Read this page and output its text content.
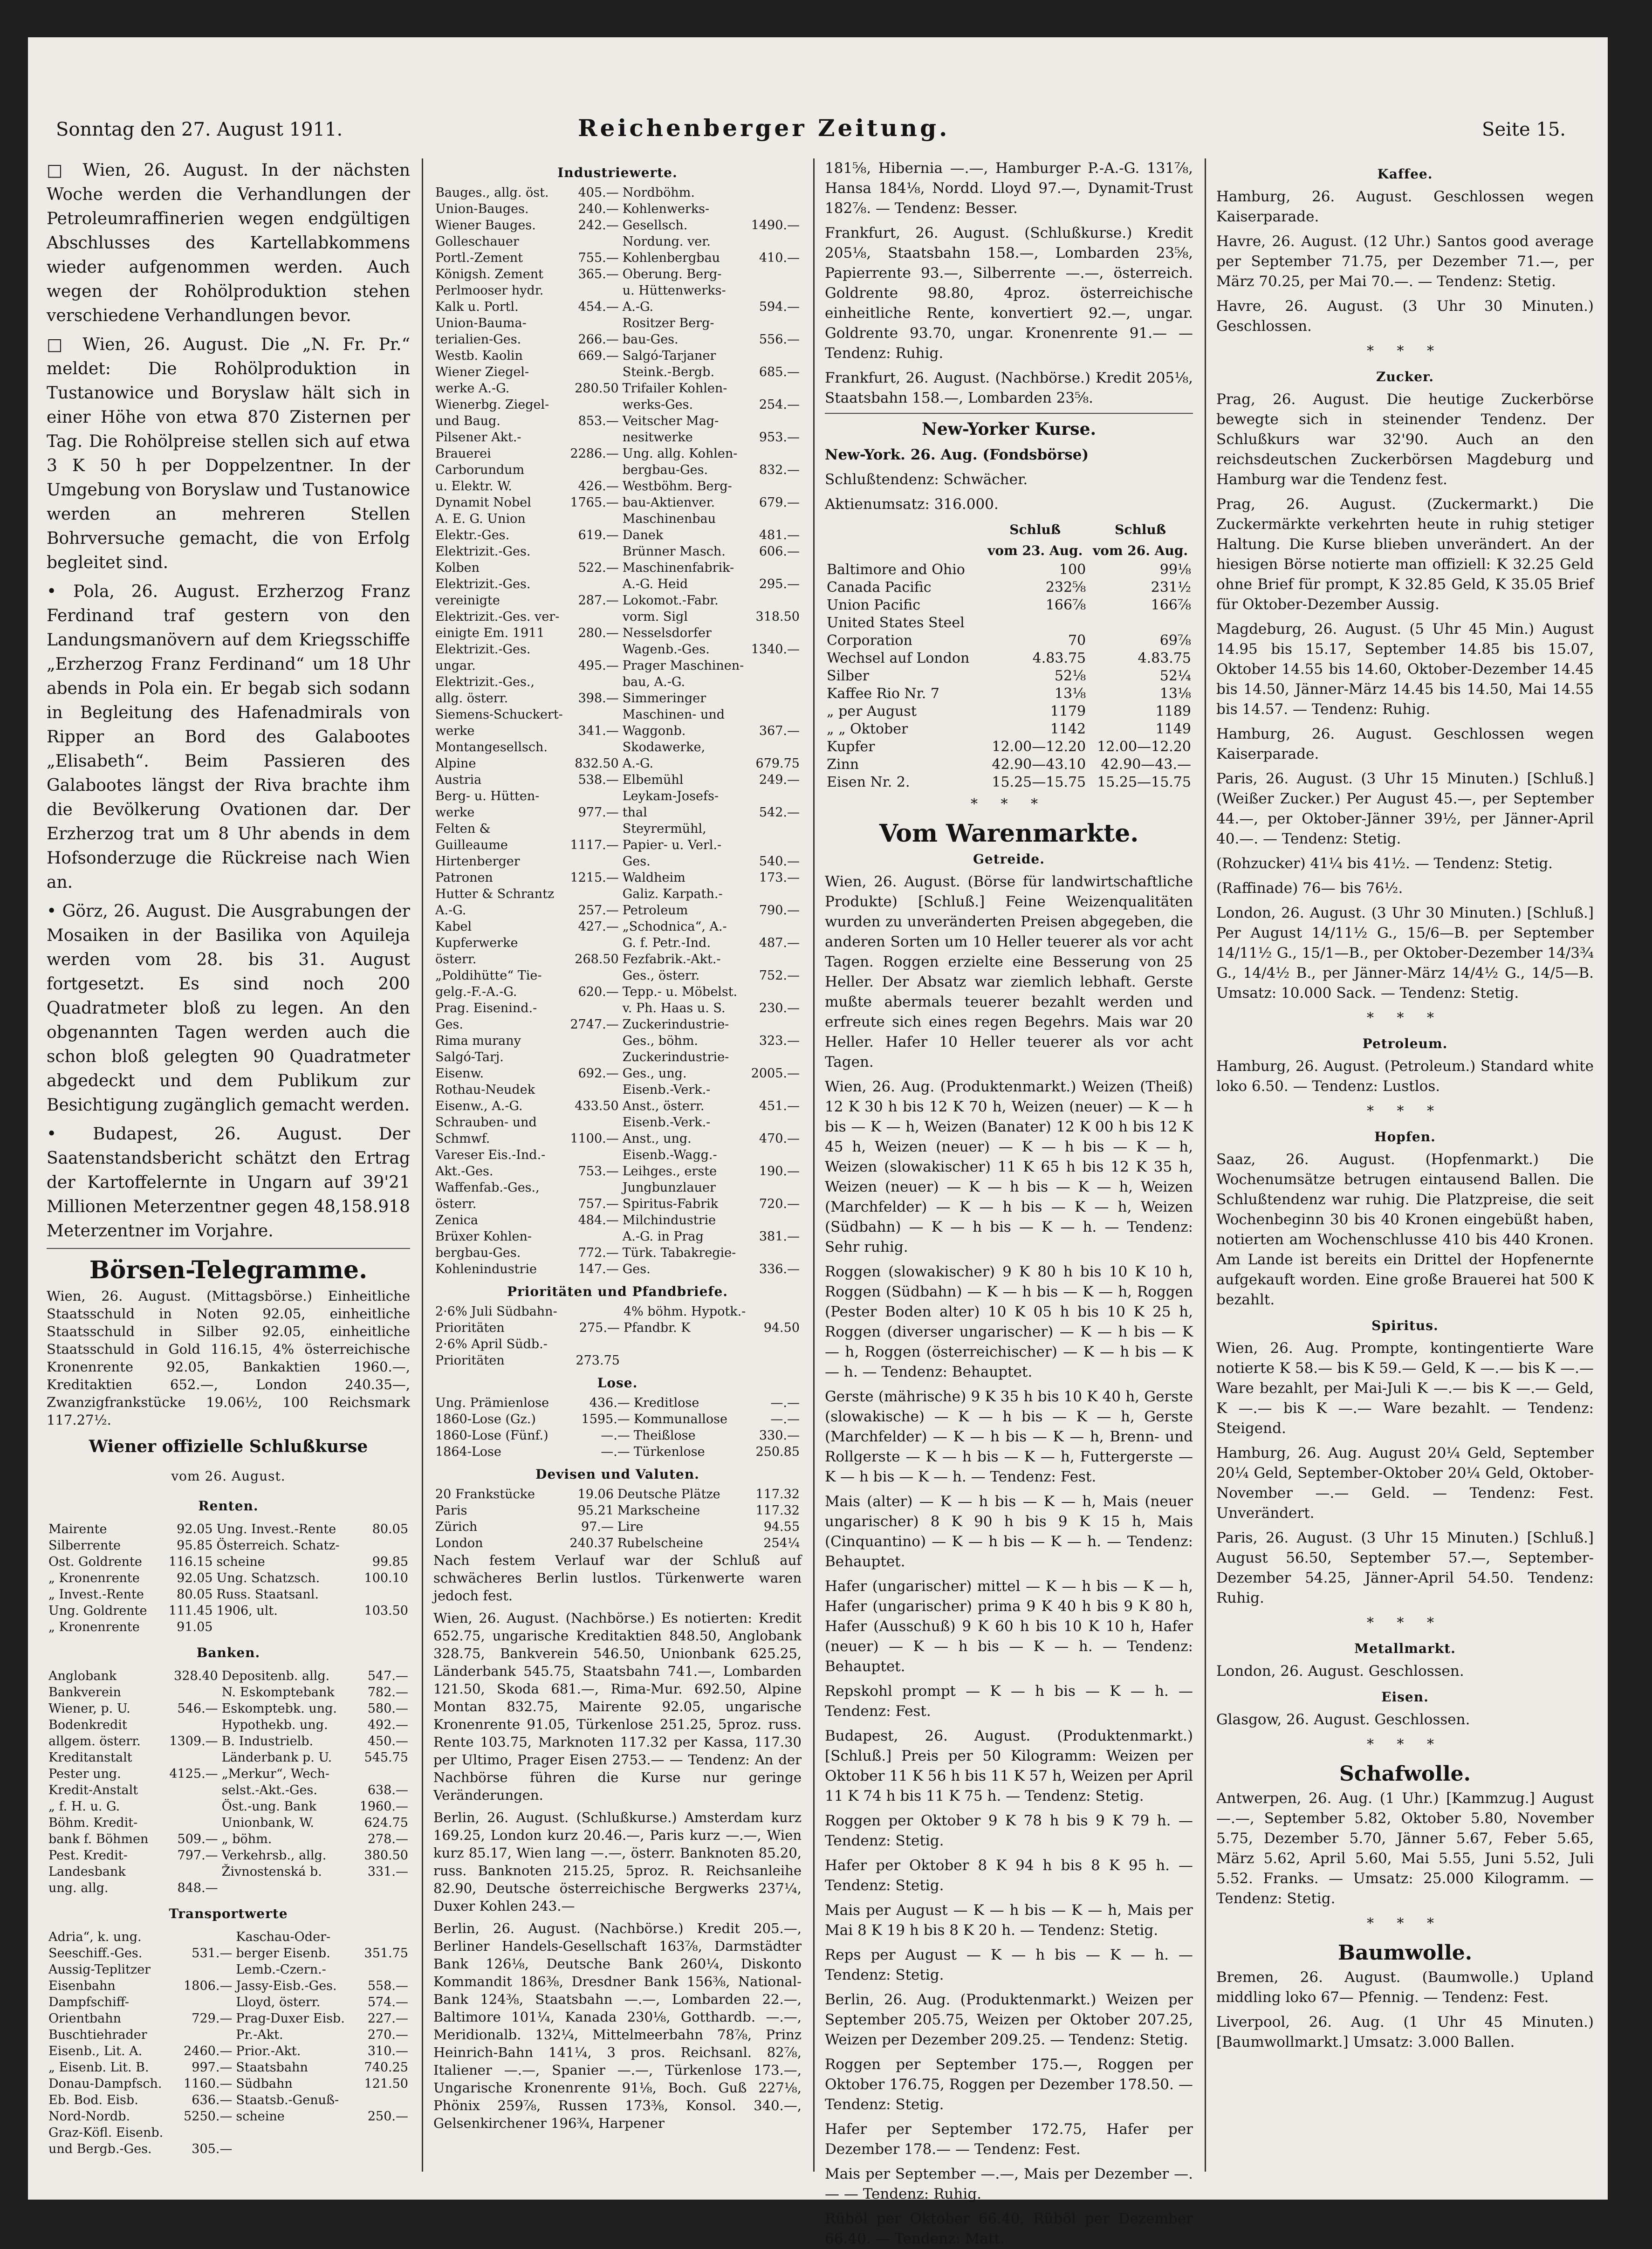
Sonntag den 27. August 1911.	Reichenberger Zeitung.	Seite 15.

□ Wien, 26. August. In der nächsten Woche werden die Verhandlungen der Petroleumraffinerien wegen endgültigen Abschlusses des Kartellabkommens wieder aufgenommen werden. Auch wegen der Rohölproduktion stehen verschiedene Verhandlungen bevor.

□ Wien, 26. August. Die „N. Fr. Pr.“ meldet: Die Rohölproduktion in Tustanowice und Boryslaw hält sich in einer Höhe von etwa 870 Zisternen per Tag. Die Rohölpreise stellen sich auf etwa 3 K 50 h per Doppelzentner. In der Umgebung von Boryslaw und Tustanowice werden an mehreren Stellen Bohrversuche gemacht, die von Erfolg begleitet sind.

• Pola, 26. August. Erzherzog Franz Ferdinand traf gestern von den Landungsmanövern auf dem Kriegsschiffe „Erzherzog Franz Ferdinand“ um 18 Uhr abends in Pola ein. Er begab sich sodann in Begleitung des Hafenadmirals von Ripper an Bord des Galabootes „Elisabeth“. Beim Passieren des Galabootes längst der Riva brachte ihm die Bevölkerung Ovationen dar. Der Erzherzog trat um 8 Uhr abends in dem Hofsonderzuge die Rückreise nach Wien an.

• Görz, 26. August. Die Ausgrabungen der Mosaiken in der Basilika von Aquileja werden vom 28. bis 31. August fortgesetzt. Es sind noch 200 Quadratmeter bloß zu legen. An den obgenannten Tagen werden auch die schon bloß gelegten 90 Quadratmeter abgedeckt und dem Publikum zur Besichtigung zugänglich gemacht werden.

• Budapest, 26. August. Der Saatenstandsbericht schätzt den Ertrag der Kartoffelernte in Ungarn auf 39'21 Millionen Meterzentner gegen 48,158.918 Meterzentner im Vorjahre.

Börsen-Telegramme.

Wien, 26. August. (Mittagsbörse.) Einheitliche Staatsschuld in Noten 92.05, einheitliche Staatsschuld in Silber 92.05, einheitliche Staatsschuld in Gold 116.15, 4% österreichische Kronenrente 92.05, Bankaktien 1960.—, Kreditaktien 652.—, London 240.35—, Zwanzigfrankstücke 19.06½, 100 Reichsmark 117.27½.

Wiener offizielle Schlußkurse
vom 26. August.
Renten.
Mairente	92.05	Ung. Invest.-Rente	80.05
Silberrente	95.85	Österreich. Schatz-	
Ost. Goldrente	116.15	scheine	99.85
„ Kronenrente	92.05	Ung. Schatzsch.	100.10
„ Invest.-Rente	80.05	Russ. Staatsanl.	
Ung. Goldrente	111.45	1906, ult.	103.50
„ Kronenrente	91.05		
Banken.
Anglobank	328.40	Depositenb. allg.	547.—
Bankverein		N. Eskomptebank	782.—
Wiener, p. U.	546.—	Eskomptebk. ung.	580.—
Bodenkredit		Hypothekb. ung.	492.—
allgem. österr.	1309.—	B. Industrielb.	450.—
Kreditanstalt		Länderbank p. U.	545.75
Pester ung.	4125.—	„Merkur“, Wech-	
Kredit-Anstalt		selst.-Akt.-Ges.	638.—
„ f. H. u. G.		Öst.-ung. Bank	1960.—
Böhm. Kredit-		Unionbank, W.	624.75
bank f. Böhmen	509.—	„ böhm.	278.—
Pest. Kredit-	797.—	Verkehrsb., allg.	380.50
Landesbank		Živnostenská b.	331.—
ung. allg.	848.—		
Transportwerte
Adria“, k. ung.		Kaschau-Oder-	
Seeschiff.-Ges.	531.—	berger Eisenb.	351.75
Aussig-Teplitzer		Lemb.-Czern.-	
Eisenbahn	1806.—	Jassy-Eisb.-Ges.	558.—
Dampfschiff-		Lloyd, österr.	574.—
Orientbahn	729.—	Prag-Duxer Eisb.	227.—
Buschtiehrader		Pr.-Akt.	270.—
Eisenb., Lit. A.	2460.—	Prior.-Akt.	310.—
„ Eisenb. Lit. B.	997.—	Staatsbahn	740.25
Donau-Dampfsch.	1160.—	Südbahn	121.50
Eb. Bod. Eisb.	636.—	Staatsb.-Genuß-	
Nord-Nordb.	5250.—	scheine	250.—
Graz-Köfl. Eisenb.			
und Bergb.-Ges.	305.—		
Industriewerte.
Bauges., allg. öst.	405.—	Nordböhm.	
Union-Bauges.	240.—	Kohlenwerks-	
Wiener Bauges.	242.—	Gesellsch.	1490.—
Golleschauer		Nordung. ver.	
Portl.-Zement	755.—	Kohlenbergbau	410.—
Königsh. Zement	365.—	Oberung. Berg-	
Perlmooser hydr.		u. Hüttenwerks-	
Kalk u. Portl.	454.—	A.-G.	594.—
Union-Bauma-		Rositzer Berg-	
terialien-Ges.	266.—	bau-Ges.	556.—
Westb. Kaolin	669.—	Salgó-Tarjaner	
Wiener Ziegel-		Steink.-Bergb.	685.—
werke A.-G.	280.50	Trifailer Kohlen-	
Wienerbg. Ziegel-		werks-Ges.	254.—
und Baug.	853.—	Veitscher Mag-	
Pilsener Akt.-		nesitwerke	953.—
Brauerei	2286.—	Ung. allg. Kohlen-	
Carborundum		bergbau-Ges.	832.—
u. Elektr. W.	426.—	Westböhm. Berg-	
Dynamit Nobel	1765.—	bau-Aktienver.	679.—
A. E. G. Union		Maschinenbau	
Elektr.-Ges.	619.—	Danek	481.—
Elektrizit.-Ges.		Brünner Masch.	606.—
Kolben	522.—	Maschinenfabrik-	
Elektrizit.-Ges.		A.-G. Heid	295.—
vereinigte	287.—	Lokomot.-Fabr.	
Elektrizit.-Ges. ver-		vorm. Sigl	318.50
einigte Em. 1911	280.—	Nesselsdorfer	
Elektrizit.-Ges.		Wagenb.-Ges.	1340.—
ungar.	495.—	Prager Maschinen-	
Elektrizit.-Ges.,		bau, A.-G.	
allg. österr.	398.—	Simmeringer	
Siemens-Schuckert-		Maschinen- und	
werke	341.—	Waggonb.	367.—
Montangesellsch.		Skodawerke,	
Alpine	832.50	A.-G.	679.75
Austria	538.—	Elbemühl	249.—
Berg- u. Hütten-		Leykam-Josefs-	
werke	977.—	thal	542.—
Felten &		Steyrermühl,	
Guilleaume	1117.—	Papier- u. Verl.-	
Hirtenberger		Ges.	540.—
Patronen	1215.—	Waldheim	173.—
Hutter & Schrantz		Galiz. Karpath.-	
A.-G.	257.—	Petroleum	790.—
Kabel	427.—	„Schodnica“, A.-	
Kupferwerke		G. f. Petr.-Ind.	487.—
österr.	268.50	Fezfabrik.-Akt.-	
„Poldihütte“ Tie-		Ges., österr.	752.—
gelg.-F.-A.-G.	620.—	Tepp.- u. Möbelst.	
Prag. Eisenind.-		v. Ph. Haas u. S.	230.—
Ges.	2747.—	Zuckerindustrie-	
Rima murany		Ges., böhm.	323.—
Salgó-Tarj.		Zuckerindustrie-	
Eisenw.	692.—	Ges., ung.	2005.—
Rothau-Neudek		Eisenb.-Verk.-	
Eisenw., A.-G.	433.50	Anst., österr.	451.—
Schrauben- und		Eisenb.-Verk.-	
Schmwf.	1100.—	Anst., ung.	470.—
Vareser Eis.-Ind.-		Eisenb.-Wagg.-	
Akt.-Ges.	753.—	Leihges., erste	190.—
Waffenfab.-Ges.,		Jungbunzlauer	
österr.	757.—	Spiritus-Fabrik	720.—
Zenica	484.—	Milchindustrie	
Brüxer Kohlen-		A.-G. in Prag	381.—
bergbau-Ges.	772.—	Türk. Tabakregie-	
Kohlenindustrie	147.—	Ges.	336.—
Prioritäten und Pfandbriefe.
2·6% Juli Südbahn-		4% böhm. Hypotk.-	
Prioritäten	275.—	Pfandbr. K	94.50
2·6% April Südb.-			
Prioritäten	273.75		
Lose.
Ung. Prämienlose	436.—	Kreditlose	—.—
1860-Lose (Gz.)	1595.—	Kommunallose	—.—
1860-Lose (Fünf.)	—.—	Theißlose	330.—
1864-Lose	—.—	Türkenlose	250.85
Devisen und Valuten.
20 Frankstücke	19.06	Deutsche Plätze	117.32
Paris	95.21	Markscheine	117.32
Zürich	97.—	Lire	94.55
London	240.37	Rubelscheine	254¼

Nach festem Verlauf war der Schluß auf schwächeres Berlin lustlos. Türkenwerte waren jedoch fest.

Wien, 26. August. (Nachbörse.) Es notierten: Kredit 652.75, ungarische Kreditaktien 848.50, Anglobank 328.75, Bankverein 546.50, Unionbank 625.25, Länderbank 545.75, Staatsbahn 741.—, Lombarden 121.50, Skoda 681.—, Rima-Mur. 692.50, Alpine Montan 832.75, Mairente 92.05, ungarische Kronenrente 91.05, Türkenlose 251.25, 5proz. russ. Rente 103.75, Marknoten 117.32 per Kassa, 117.30 per Ultimo, Prager Eisen 2753.— — Tendenz: An der Nachbörse führen die Kurse nur geringe Veränderungen.

Berlin, 26. August. (Schlußkurse.) Amsterdam kurz 169.25, London kurz 20.46.—, Paris kurz —.—, Wien kurz 85.17, Wien lang —.—, österr. Banknoten 85.20, russ. Banknoten 215.25, 5proz. R. Reichsanleihe 82.90, Deutsche österreichische Bergwerks 237¼, Duxer Kohlen 243.—

Berlin, 26. August. (Nachbörse.) Kredit 205.—, Berliner Handels-Gesellschaft 163⅞, Darmstädter Bank 126⅛, Deutsche Bank 260¼, Diskonto Kommandit 186⅜, Dresdner Bank 156⅜, National-Bank 124⅜, Staatsbahn —.—, Lombarden 22.—, Baltimore 101¼, Kanada 230⅛, Gotthardb. —.—, Meridionalb. 132¼, Mittelmeerbahn 78⅞, Prinz Heinrich-Bahn 141¼, 3 pros. Reichsanl. 82⅞, Italiener —.—, Spanier —.—, Türkenlose 173.—, Ungarische Kronenrente 91⅛, Boch. Guß 227⅛, Phönix 259⅞, Russen 173⅜, Konsol. 340.—, Gelsenkirchener 196¾, Harpener

181⅝, Hibernia —.—, Hamburger P.-A.-G. 131⅞, Hansa 184⅛, Nordd. Lloyd 97.—, Dynamit-Trust 182⅞. — Tendenz: Besser.

Frankfurt, 26. August. (Schlußkurse.) Kredit 205⅛, Staatsbahn 158.—, Lombarden 23⅝, Papierrente 93.—, Silberrente —.—, österreich. Goldrente 98.80, 4proz. österreichische einheitliche Rente, konvertiert 92.—, ungar. Goldrente 93.70, ungar. Kronenrente 91.— — Tendenz: Ruhig.

Frankfurt, 26. August. (Nachbörse.) Kredit 205⅛, Staatsbahn 158.—, Lombarden 23⅝.

New-Yorker Kurse.

New-York. 26. Aug. (Fondsbörse)

Schlußtendenz: Schwächer.

Aktienumsatz: 316.000.

	Schluß	Schluß
	vom 23. Aug.	vom 26. Aug.
Baltimore and Ohio	100	99⅛
Canada Pacific	232⅝	231½
Union Pacific	166⅞	166⅞
United States Steel		
Corporation	70	69⅞
Wechsel auf London	4.83.75	4.83.75
Silber	52⅛	52¼
Kaffee Rio Nr. 7	13⅛	13⅛
„ per August	1179	1189
„ „ Oktober	1142	1149
Kupfer	12.00—12.20	12.00—12.20
Zinn	42.90—43.10	42.90—43.—
Eisen Nr. 2.	15.25—15.75	15.25—15.75
* * *
Vom Warenmarkte.
Getreide.

Wien, 26. August. (Börse für landwirtschaftliche Produkte) [Schluß.] Feine Weizenqualitäten wurden zu unveränderten Preisen abgegeben, die anderen Sorten um 10 Heller teuerer als vor acht Tagen. Roggen erzielte eine Besserung von 25 Heller. Der Absatz war ziemlich lebhaft. Gerste mußte abermals teuerer bezahlt werden und erfreute sich eines regen Begehrs. Mais war 20 Heller. Hafer 10 Heller teuerer als vor acht Tagen.

Wien, 26. Aug. (Produktenmarkt.) Weizen (Theiß) 12 K 30 h bis 12 K 70 h, Weizen (neuer) — K — h bis — K — h, Weizen (Banater) 12 K 00 h bis 12 K 45 h, Weizen (neuer) — K — h bis — K — h, Weizen (slowakischer) 11 K 65 h bis 12 K 35 h, Weizen (neuer) — K — h bis — K — h, Weizen (Marchfelder) — K — h bis — K — h, Weizen (Südbahn) — K — h bis — K — h. — Tendenz: Sehr ruhig.

Roggen (slowakischer) 9 K 80 h bis 10 K 10 h, Roggen (Südbahn) — K — h bis — K — h, Roggen (Pester Boden alter) 10 K 05 h bis 10 K 25 h, Roggen (diverser ungarischer) — K — h bis — K — h, Roggen (österreichischer) — K — h bis — K — h. — Tendenz: Behauptet.

Gerste (mährische) 9 K 35 h bis 10 K 40 h, Gerste (slowakische) — K — h bis — K — h, Gerste (Marchfelder) — K — h bis — K — h, Brenn- und Rollgerste — K — h bis — K — h, Futtergerste — K — h bis — K — h. — Tendenz: Fest.

Mais (alter) — K — h bis — K — h, Mais (neuer ungarischer) 8 K 90 h bis 9 K 15 h, Mais (Cinquantino) — K — h bis — K — h. — Tendenz: Behauptet.

Hafer (ungarischer) mittel — K — h bis — K — h, Hafer (ungarischer) prima 9 K 40 h bis 9 K 80 h, Hafer (Ausschuß) 9 K 60 h bis 10 K 10 h, Hafer (neuer) — K — h bis — K — h. — Tendenz: Behauptet.

Repskohl prompt — K — h bis — K — h. — Tendenz: Fest.

Budapest, 26. August. (Produktenmarkt.) [Schluß.] Preis per 50 Kilogramm: Weizen per Oktober 11 K 56 h bis 11 K 57 h, Weizen per April 11 K 74 h bis 11 K 75 h. — Tendenz: Stetig.

Roggen per Oktober 9 K 78 h bis 9 K 79 h. — Tendenz: Stetig.

Hafer per Oktober 8 K 94 h bis 8 K 95 h. — Tendenz: Stetig.

Mais per August — K — h bis — K — h, Mais per Mai 8 K 19 h bis 8 K 20 h. — Tendenz: Stetig.

Reps per August — K — h bis — K — h. — Tendenz: Stetig.

Berlin, 26. Aug. (Produktenmarkt.) Weizen per September 205.75, Weizen per Oktober 207.25, Weizen per Dezember 209.25. — Tendenz: Stetig.

Roggen per September 175.—, Roggen per Oktober 176.75, Roggen per Dezember 178.50. — Tendenz: Stetig.

Hafer per September 172.75, Hafer per Dezember 178.— — Tendenz: Fest.

Mais per September —.—, Mais per Dezember —.— — Tendenz: Ruhig.

Rüböl per Oktober 66.40, Rüböl per Dezember 66.40. — Tendenz: Matt.

Kaffee.

Hamburg, 26. August. Geschlossen wegen Kaiserparade.

Havre, 26. August. (12 Uhr.) Santos good average per September 71.75, per Dezember 71.—, per März 70.25, per Mai 70.—. — Tendenz: Stetig.

Havre, 26. August. (3 Uhr 30 Minuten.) Geschlossen.

* * *
Zucker.

Prag, 26. August. Die heutige Zuckerbörse bewegte sich in steinender Tendenz. Der Schlußkurs war 32'90. Auch an den reichsdeutschen Zuckerbörsen Magdeburg und Hamburg war die Tendenz fest.

Prag, 26. August. (Zuckermarkt.) Die Zuckermärkte verkehrten heute in ruhig stetiger Haltung. Die Kurse blieben unverändert. An der hiesigen Börse notierte man offiziell: K 32.25 Geld ohne Brief für prompt, K 32.85 Geld, K 35.05 Brief für Oktober-Dezember Aussig.

Magdeburg, 26. August. (5 Uhr 45 Min.) August 14.95 bis 15.17, September 14.85 bis 15.07, Oktober 14.55 bis 14.60, Oktober-Dezember 14.45 bis 14.50, Jänner-März 14.45 bis 14.50, Mai 14.55 bis 14.57. — Tendenz: Ruhig.

Hamburg, 26. August. Geschlossen wegen Kaiserparade.

Paris, 26. August. (3 Uhr 15 Minuten.) [Schluß.] (Weißer Zucker.) Per August 45.—, per September 44.—, per Oktober-Jänner 39½, per Jänner-April 40.—. — Tendenz: Stetig.

(Rohzucker) 41¼ bis 41½. — Tendenz: Stetig.

(Raffinade) 76— bis 76½.

London, 26. August. (3 Uhr 30 Minuten.) [Schluß.] Per August 14/11½ G., 15/6—B. per September 14/11½ G., 15/1—B., per Oktober-Dezember 14/3¾ G., 14/4½ B., per Jänner-März 14/4½ G., 14/5—B. Umsatz: 10.000 Sack. — Tendenz: Stetig.

* * *
Petroleum.

Hamburg, 26. August. (Petroleum.) Standard white loko 6.50. — Tendenz: Lustlos.

* * *
Hopfen.

Saaz, 26. August. (Hopfenmarkt.) Die Wochenumsätze betrugen eintausend Ballen. Die Schlußtendenz war ruhig. Die Platzpreise, die seit Wochenbeginn 30 bis 40 Kronen eingebüßt haben, notierten am Wochenschlusse 410 bis 440 Kronen. Am Lande ist bereits ein Drittel der Hopfenernte aufgekauft worden. Eine große Brauerei hat 500 K bezahlt.

Spiritus.

Wien, 26. Aug. Prompte, kontingentierte Ware notierte K 58.— bis K 59.— Geld, K —.— bis K —.— Ware bezahlt, per Mai-Juli K —.— bis K —.— Geld, K —.— bis K —.— Ware bezahlt. — Tendenz: Steigend.

Hamburg, 26. Aug. August 20¼ Geld, September 20¼ Geld, September-Oktober 20¼ Geld, Oktober-November —.— Geld. — Tendenz: Fest. Unverändert.

Paris, 26. August. (3 Uhr 15 Minuten.) [Schluß.] August 56.50, September 57.—, September-Dezember 54.25, Jänner-April 54.50. Tendenz: Ruhig.

* * *
Metallmarkt.

London, 26. August. Geschlossen.

Eisen.

Glasgow, 26. August. Geschlossen.

* * *
Schafwolle.

Antwerpen, 26. Aug. (1 Uhr.) [Kammzug.] August —.—, September 5.82, Oktober 5.80, November 5.75, Dezember 5.70, Jänner 5.67, Feber 5.65, März 5.62, April 5.60, Mai 5.55, Juni 5.52, Juli 5.52. Franks. — Umsatz: 25.000 Kilogramm. — Tendenz: Stetig.

* * *
Baumwolle.

Bremen, 26. August. (Baumwolle.) Upland middling loko 67— Pfennig. — Tendenz: Fest.

Liverpool, 26. Aug. (1 Uhr 45 Minuten.) [Baumwollmarkt.] Umsatz: 3.000 Ballen.
